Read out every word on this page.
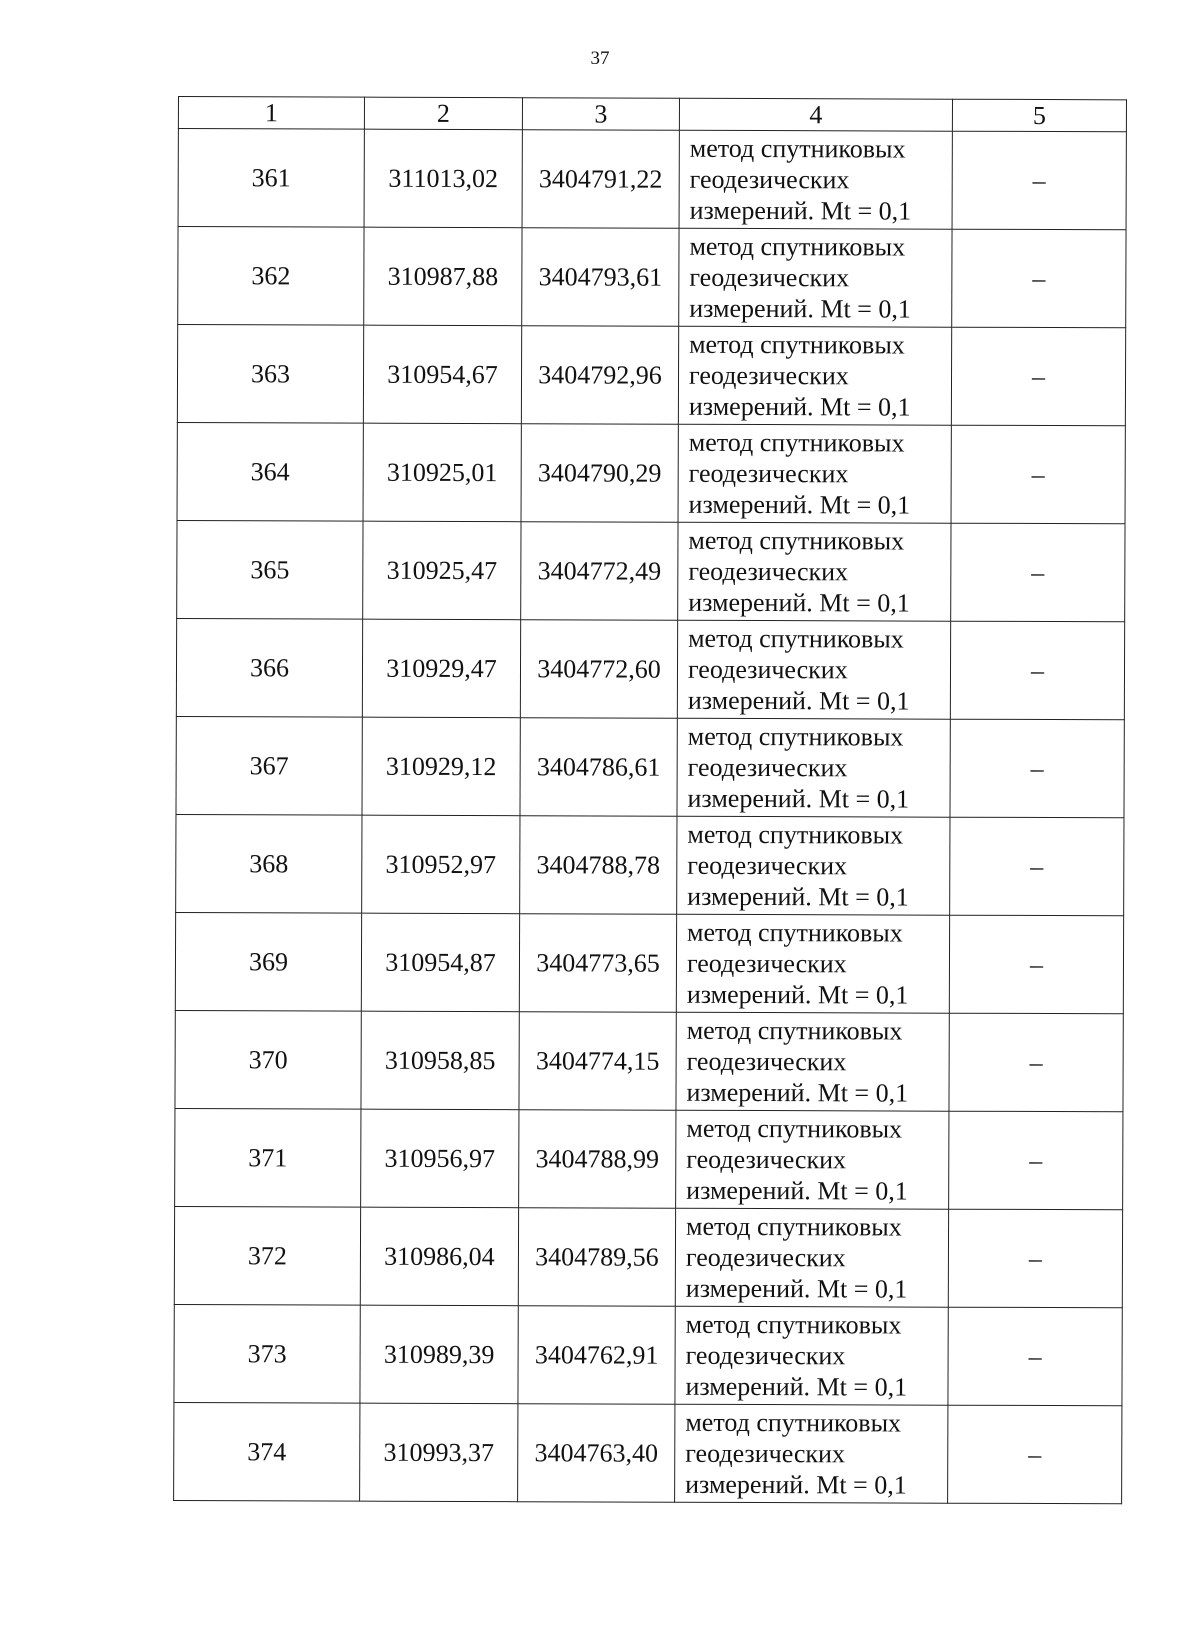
37
1	2	3	4	5
361	311013,02	3404791,22	метод спутниковых
геодезических
измерений. Mt = 0,1	–
362	310987,88	3404793,61	метод спутниковых
геодезических
измерений. Mt = 0,1	–
363	310954,67	3404792,96	метод спутниковых
геодезических
измерений. Mt = 0,1	–
364	310925,01	3404790,29	метод спутниковых
геодезических
измерений. Mt = 0,1	–
365	310925,47	3404772,49	метод спутниковых
геодезических
измерений. Mt = 0,1	–
366	310929,47	3404772,60	метод спутниковых
геодезических
измерений. Mt = 0,1	–
367	310929,12	3404786,61	метод спутниковых
геодезических
измерений. Mt = 0,1	–
368	310952,97	3404788,78	метод спутниковых
геодезических
измерений. Mt = 0,1	–
369	310954,87	3404773,65	метод спутниковых
геодезических
измерений. Mt = 0,1	–
370	310958,85	3404774,15	метод спутниковых
геодезических
измерений. Mt = 0,1	–
371	310956,97	3404788,99	метод спутниковых
геодезических
измерений. Mt = 0,1	–
372	310986,04	3404789,56	метод спутниковых
геодезических
измерений. Mt = 0,1	–
373	310989,39	3404762,91	метод спутниковых
геодезических
измерений. Mt = 0,1	–
374	310993,37	3404763,40	метод спутниковых
геодезических
измерений. Mt = 0,1	–
